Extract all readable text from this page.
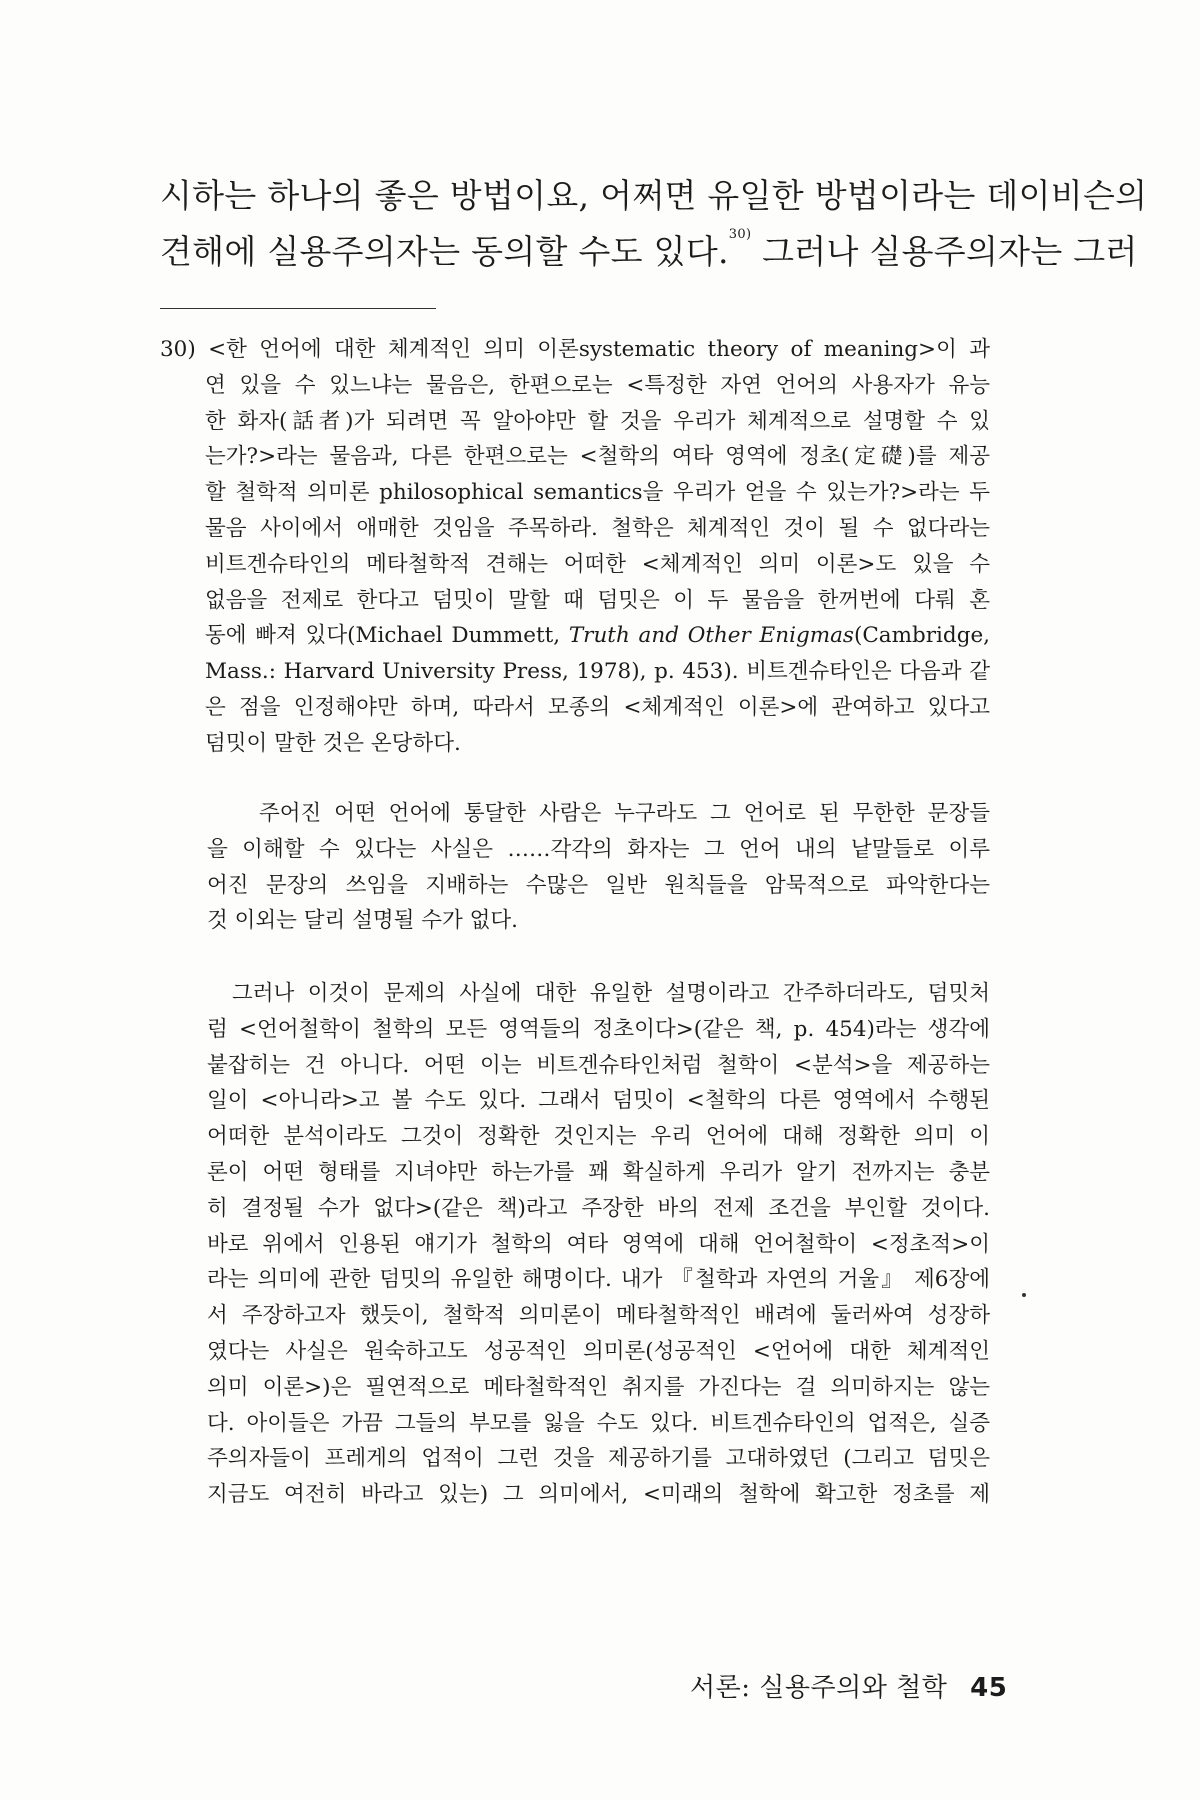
시하는 하나의 좋은 방법이요, 어쩌면 유일한 방법이라는 데이비슨의
견해에 실용주의자는 동의할 수도 있다.$^{30)}$ 그러나 실용주의자는 그러
30) <한 언어에 대한 체계적인 의미 이론systematic theory of meaning>이 과
연 있을 수 있느냐는 물음은, 한편으로는 <특정한 자연 언어의 사용자가 유능
한 화자(話者)가 되려면 꼭 알아야만 할 것을 우리가 체계적으로 설명할 수 있
는가?>라는 물음과, 다른 한편으로는 <철학의 여타 영역에 정초(定礎)를 제공
할 철학적 의미론 philosophical semantics을 우리가 얻을 수 있는가?>라는 두
물음 사이에서 애매한 것임을 주목하라. 철학은 체계적인 것이 될 수 없다라는
비트겐슈타인의 메타철학적 견해는 어떠한 <체계적인 의미 이론>도 있을 수
없음을 전제로 한다고 덤밋이 말할 때 덤밋은 이 두 물음을 한꺼번에 다뤄 혼
동에 빠져 있다(Michael Dummett, Truth and Other Enigmas(Cambridge,
Mass.: Harvard University Press, 1978), p. 453). 비트겐슈타인은 다음과 같
은 점을 인정해야만 하며, 따라서 모종의 <체계적인 이론>에 관여하고 있다고
덤밋이 말한 것은 온당하다.
주어진 어떤 언어에 통달한 사람은 누구라도 그 언어로 된 무한한 문장들
을 이해할 수 있다는 사실은 ……각각의 화자는 그 언어 내의 낱말들로 이루
어진 문장의 쓰임을 지배하는 수많은 일반 원칙들을 암묵적으로 파악한다는
것 이외는 달리 설명될 수가 없다.
그러나 이것이 문제의 사실에 대한 유일한 설명이라고 간주하더라도, 덤밋처
럼 <언어철학이 철학의 모든 영역들의 정초이다>(같은 책, p. 454)라는 생각에
붙잡히는 건 아니다. 어떤 이는 비트겐슈타인처럼 철학이 <분석>을 제공하는
일이 <아니라>고 볼 수도 있다. 그래서 덤밋이 <철학의 다른 영역에서 수행된
어떠한 분석이라도 그것이 정확한 것인지는 우리 언어에 대해 정확한 의미 이
론이 어떤 형태를 지녀야만 하는가를 꽤 확실하게 우리가 알기 전까지는 충분
히 결정될 수가 없다>(같은 책)라고 주장한 바의 전제 조건을 부인할 것이다.
바로 위에서 인용된 얘기가 철학의 여타 영역에 대해 언어철학이 <정초적>이
라는 의미에 관한 덤밋의 유일한 해명이다. 내가 『철학과 자연의 거울』 제6장에
서 주장하고자 했듯이, 철학적 의미론이 메타철학적인 배려에 둘러싸여 성장하
였다는 사실은 원숙하고도 성공적인 의미론(성공적인 <언어에 대한 체계적인
의미 이론>)은 필연적으로 메타철학적인 취지를 가진다는 걸 의미하지는 않는
다. 아이들은 가끔 그들의 부모를 잃을 수도 있다. 비트겐슈타인의 업적은, 실증
주의자들이 프레게의 업적이 그런 것을 제공하기를 고대하였던 (그리고 덤밋은
지금도 여전히 바라고 있는) 그 의미에서, <미래의 철학에 확고한 정초를 제
서론: 실용주의와 철학 45
